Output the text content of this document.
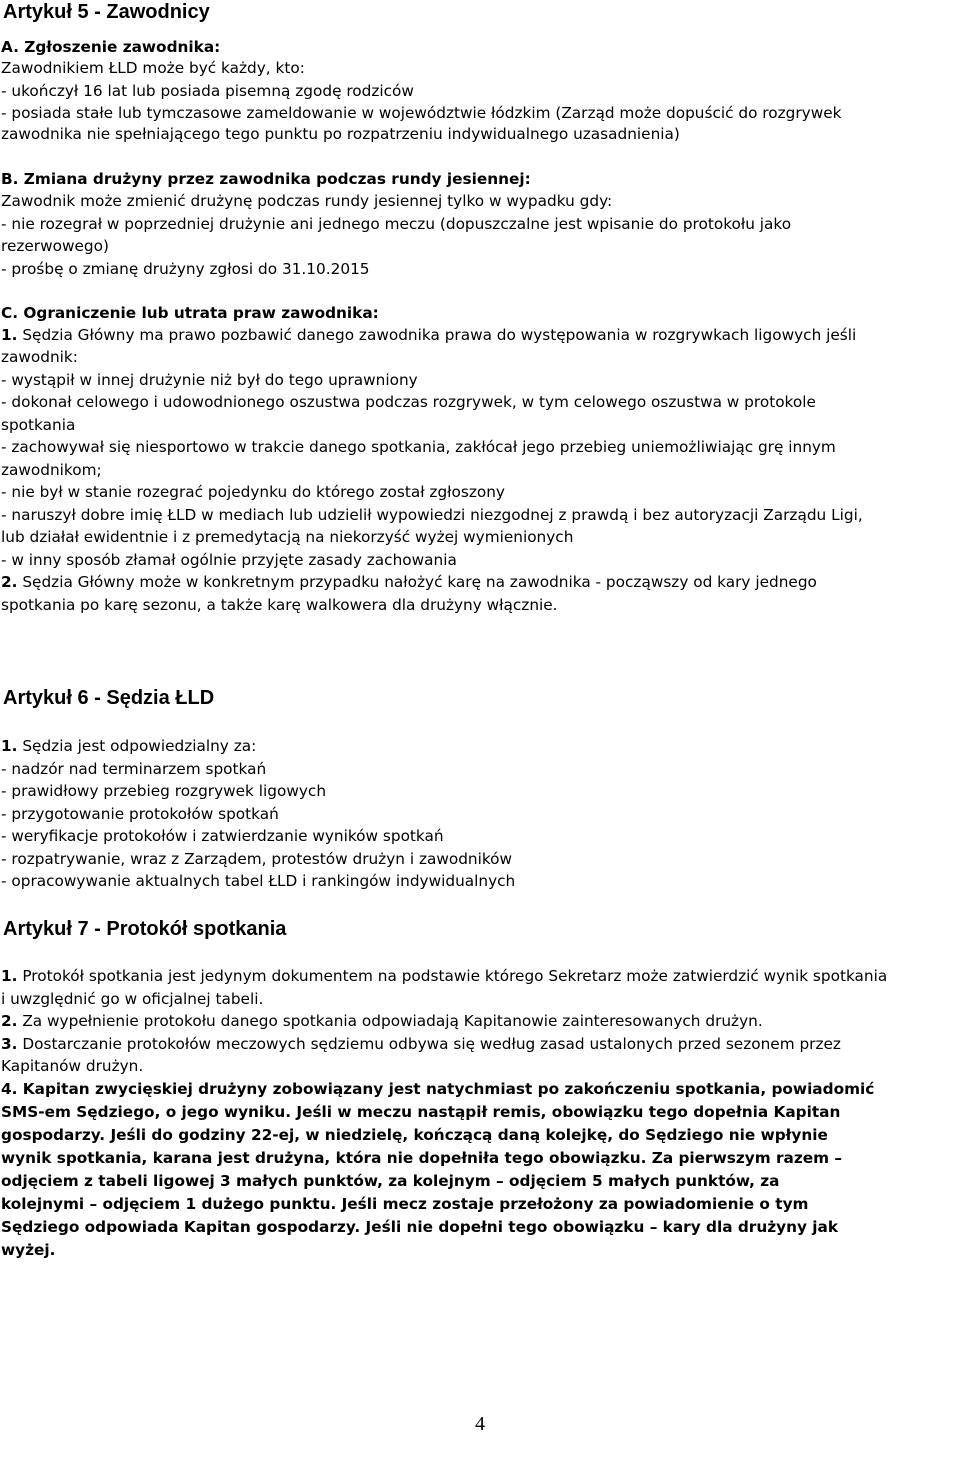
Artykuł 5 - Zawodnicy
A. Zgłoszenie zawodnika:
Zawodnikiem ŁLD może być każdy, kto:
- ukończył 16 lat lub posiada pisemną zgodę rodziców
- posiada stałe lub tymczasowe zameldowanie w województwie łódzkim (Zarząd może dopuścić do rozgrywek
zawodnika nie spełniającego tego punktu po rozpatrzeniu indywidualnego uzasadnienia)
B. Zmiana drużyny przez zawodnika podczas rundy jesiennej:
Zawodnik może zmienić drużynę podczas rundy jesiennej tylko w wypadku gdy:
- nie rozegrał w poprzedniej drużynie ani jednego meczu (dopuszczalne jest wpisanie do protokołu jako
rezerwowego)
- prośbę o zmianę drużyny zgłosi do 31.10.2015
C. Ograniczenie lub utrata praw zawodnika:
1. Sędzia Główny ma prawo pozbawić danego zawodnika prawa do występowania w rozgrywkach ligowych jeśli
zawodnik:
- wystąpił w innej drużynie niż był do tego uprawniony
- dokonał celowego i udowodnionego oszustwa podczas rozgrywek, w tym celowego oszustwa w protokole
spotkania
- zachowywał się niesportowo w trakcie danego spotkania, zakłócał jego przebieg uniemożliwiając grę innym
zawodnikom;
- nie był w stanie rozegrać pojedynku do którego został zgłoszony
- naruszył dobre imię ŁLD w mediach lub udzielił wypowiedzi niezgodnej z prawdą i bez autoryzacji Zarządu Ligi,
lub działał ewidentnie i z premedytacją na niekorzyść wyżej wymienionych
- w inny sposób złamał ogólnie przyjęte zasady zachowania
2. Sędzia Główny może w konkretnym przypadku nałożyć karę na zawodnika - począwszy od kary jednego
spotkania po karę sezonu, a także karę walkowera dla drużyny włącznie.
Artykuł 6 - Sędzia ŁLD
1. Sędzia jest odpowiedzialny za:
- nadzór nad terminarzem spotkań
- prawidłowy przebieg rozgrywek ligowych
- przygotowanie protokołów spotkań
- weryfikacje protokołów i zatwierdzanie wyników spotkań
- rozpatrywanie, wraz z Zarządem, protestów drużyn i zawodników
- opracowywanie aktualnych tabel ŁLD i rankingów indywidualnych
Artykuł 7 - Protokół spotkania
1. Protokół spotkania jest jedynym dokumentem na podstawie którego Sekretarz może zatwierdzić wynik spotkania
i uwzględnić go w oficjalnej tabeli.
2. Za wypełnienie protokołu danego spotkania odpowiadają Kapitanowie zainteresowanych drużyn.
3. Dostarczanie protokołów meczowych sędziemu odbywa się według zasad ustalonych przed sezonem przez
Kapitanów drużyn.
4. Kapitan zwycięskiej drużyny zobowiązany jest natychmiast po zakończeniu spotkania, powiadomić
SMS-em Sędziego, o jego wyniku. Jeśli w meczu nastąpił remis, obowiązku tego dopełnia Kapitan
gospodarzy. Jeśli do godziny 22-ej, w niedzielę, kończącą daną kolejkę, do Sędziego nie wpłynie
wynik spotkania, karana jest drużyna, która nie dopełniła tego obowiązku. Za pierwszym razem –
odjęciem z tabeli ligowej 3 małych punktów, za kolejnym – odjęciem 5 małych punktów, za
kolejnymi – odjęciem 1 dużego punktu. Jeśli mecz zostaje przełożony za powiadomienie o tym
Sędziego odpowiada Kapitan gospodarzy. Jeśli nie dopełni tego obowiązku – kary dla drużyny jak
wyżej.
4
